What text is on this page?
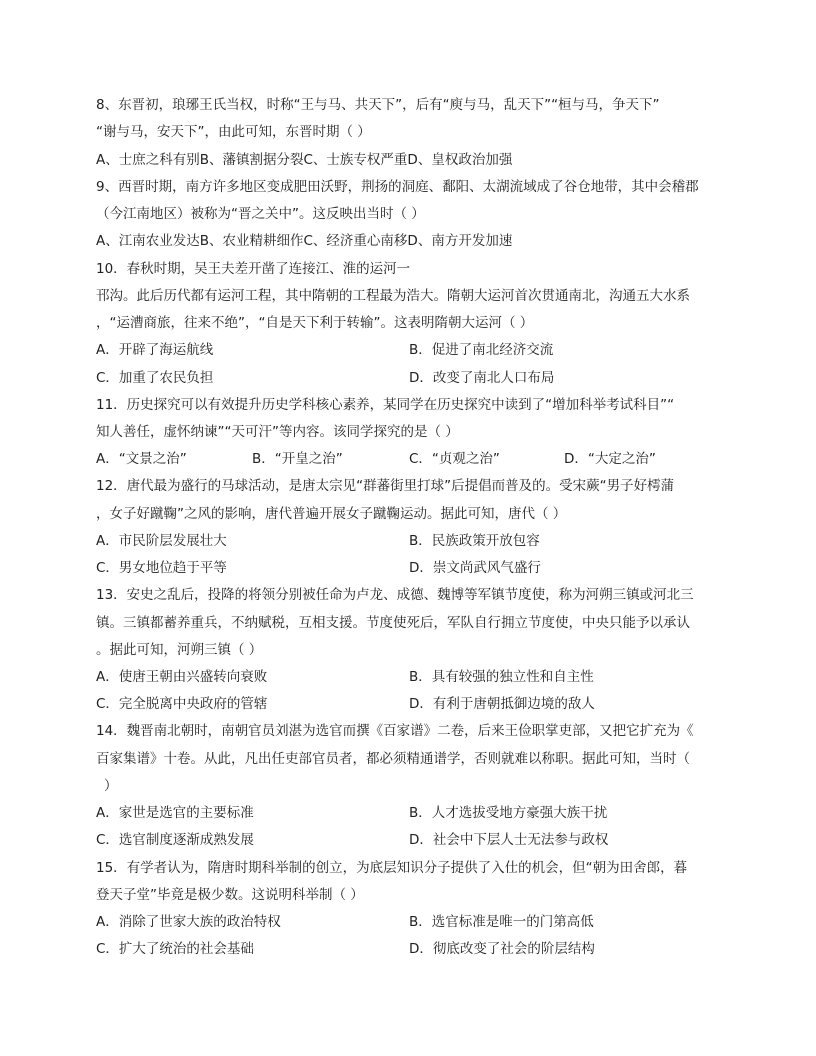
8、东晋初，琅琊王氏当权，时称“王与马、共天下”，后有“庾与马，乱天下”“桓与马，争天下”
“谢与马，安天下”，由此可知，东晋时期（ ）
A、士庶之科有别B、藩镇割据分裂C、士族专权严重D、皇权政治加强
9、西晋时期，南方许多地区变成肥田沃野，荆扬的洞庭、鄱阳、太湖流域成了谷仓地带，其中会稽郡
（今江南地区）被称为“晋之关中”。这反映出当时（ ）
A、江南农业发达B、农业精耕细作C、经济重心南移D、南方开发加速
10．春秋时期，吴王夫差开凿了连接江、淮的运河一
邗沟。此后历代都有运河工程，其中隋朝的工程最为浩大。隋朝大运河首次贯通南北，沟通五大水系
，“运漕商旅，往来不绝”，“自是天下利于转输”。这表明隋朝大运河（ ）
A．开辟了海运航线	B．促进了南北经济交流
C．加重了农民负担	D．改变了南北人口布局
11．历史探究可以有效提升历史学科核心素养，某同学在历史探究中读到了“增加科举考试科目”“
知人善任，虚怀纳谏”“天可汗”等内容。该同学探究的是（ ）
A．“文景之治”	B．“开皇之治”	C．“贞观之治”	D．“大定之治”
12．唐代最为盛行的马球活动，是唐太宗见“群蕃街里打球”后提倡而普及的。受宋蕨“男子好樗蒲
，女子好蹴鞠”之风的影响，唐代普遍开展女子蹴鞠运动。据此可知，唐代（ ）
A．市民阶层发展壮大	B．民族政策开放包容
C．男女地位趋于平等	D．崇文尚武风气盛行
13．安史之乱后，投降的将领分别被任命为卢龙、成德、魏博等军镇节度使，称为河朔三镇或河北三
镇。三镇都蓄养重兵，不纳赋税，互相支援。节度使死后，军队自行拥立节度使，中央只能予以承认
。据此可知，河朔三镇（ ）
A．使唐王朝由兴盛转向衰败	B．具有较强的独立性和自主性
C．完全脱离中央政府的管辖	D．有利于唐朝抵御边境的敌人
14．魏晋南北朝时，南朝官员刘湛为选官而撰《百家谱》二卷，后来王俭职掌吏部，又把它扩充为《
百家集谱》十卷。从此，凡出任吏部官员者，都必须精通谱学，否则就难以称职。据此可知，当时（
）
A．家世是选官的主要标准	B．人才选拔受地方豪强大族干扰
C．选官制度逐渐成熟发展	D．社会中下层人士无法参与政权
15．有学者认为，隋唐时期科举制的创立，为底层知识分子提供了入仕的机会，但“朝为田舍郎，暮
登天子堂”毕竟是极少数。这说明科举制（ ）
A．消除了世家大族的政治特权	B．选官标准是唯一的门第高低
C．扩大了统治的社会基础	D．彻底改变了社会的阶层结构
